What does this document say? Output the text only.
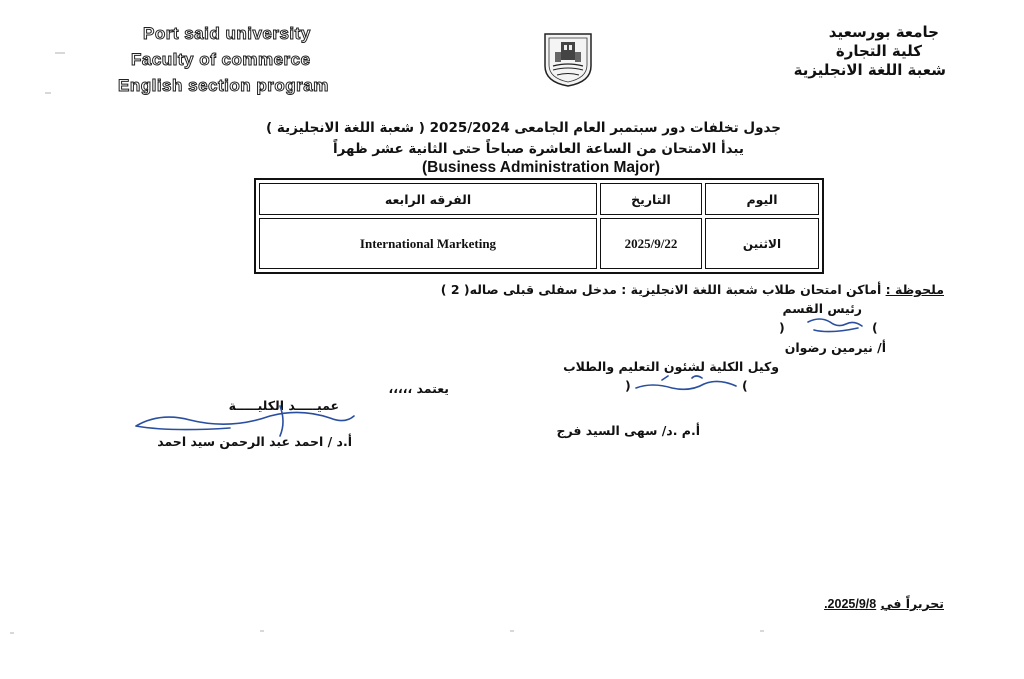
Port said university
Faculty of commerce
English section program
جامعة بورسعيد
كلية التجارة
شعبة اللغة الانجليزية
جدول تخلفات دور سبتمبر العام الجامعى 2025/2024 ( شعبة اللغة الانجليزية )
يبدأ الامتحان من الساعة العاشرة صباحاً حتى الثانية عشر ظهراً
(Business Administration Major)
اليوم	التاريخ	الفرقه الرابعه
الاثنين	2025/9/22	International Marketing
ملحوظة : أماكن امتحان طلاب شعبة اللغة الانجليزية : مدخل سفلى قبلى صاله( 2 )
رئيس القسم
)	(
أ/ نيرمين رضوان
وكيل الكلية لشئون التعليم والطلاب
)	(
أ.م .د/ سهى السيد فرج
يعتمد ،،،،،
عميـــــد الكليـــــة
أ.د / احمد عبد الرحمن سيد احمد
تحريراً في 2025/9/8.
